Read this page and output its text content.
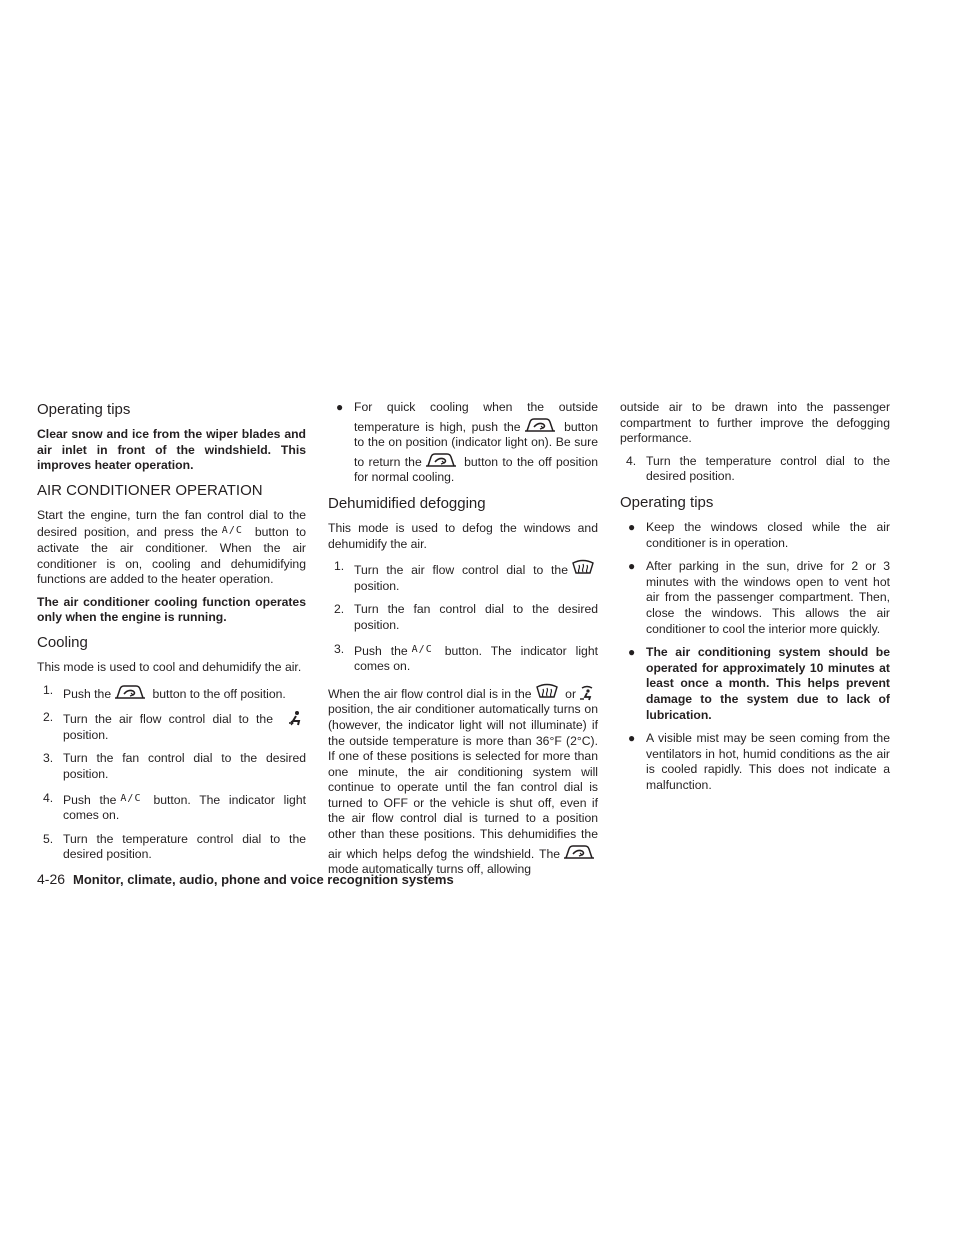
Operating tips

Clear snow and ice from the wiper blades and air inlet in front of the windshield. This improves heater operation.

AIR CONDITIONER OPERATION

Start the engine, turn the fan control dial to the desired position, and press the $^{A/C}$ button to activate the air conditioner. When the air conditioner is on, cooling and dehumidifying functions are added to the heater operation.

The air conditioner cooling function operates only when the engine is running.

Cooling

This mode is used to cool and dehumidify the air.

1. Push the	button to the off position.
2. Turn the air flow control dial to the position.
3. Turn the fan control dial to the desired position.
4. Push the $^{A/C}$ button. The indicator light comes on.
5. Turn the temperature control dial to the desired position.
● For quick cooling when the outside temperature is high, push the	button to the on position (indicator light on). Be sure to return the	button to the off position for normal cooling.
Dehumidified defogging

This mode is used to defog the windows and dehumidify the air.

1. Turn the air flow control dial to the position.
2. Turn the fan control dial to the desired position.
3. Push the $^{A/C}$ button. The indicator light comes on.

When the air flow control dial is in the	or position, the air conditioner automatically turns on (however, the indicator light will not illuminate) if the outside temperature is more than 36°F (2°C). If one of these positions is selected for more than one minute, the air conditioning system will continue to operate until the fan control dial is turned to OFF or the vehicle is shut off, even if the air flow control dial is turned to a position other than these positions. This dehumidifies the air which helps defog the windshield. The mode automatically turns off, allowing

outside air to be drawn into the passenger compartment to further improve the defogging performance.

4. Turn the temperature control dial to the desired position.
Operating tips
● Keep the windows closed while the air conditioner is in operation.
● After parking in the sun, drive for 2 or 3 minutes with the windows open to vent hot air from the passenger compartment. Then, close the windows. This allows the air conditioner to cool the interior more quickly.
● The air conditioning system should be operated for approximately 10 minutes at least once a month. This helps prevent damage to the system due to lack of lubrication.
● A visible mist may be seen coming from the ventilators in hot, humid conditions as the air is cooled rapidly. This does not indicate a malfunction.
4-26 Monitor, climate, audio, phone and voice recognition systems
